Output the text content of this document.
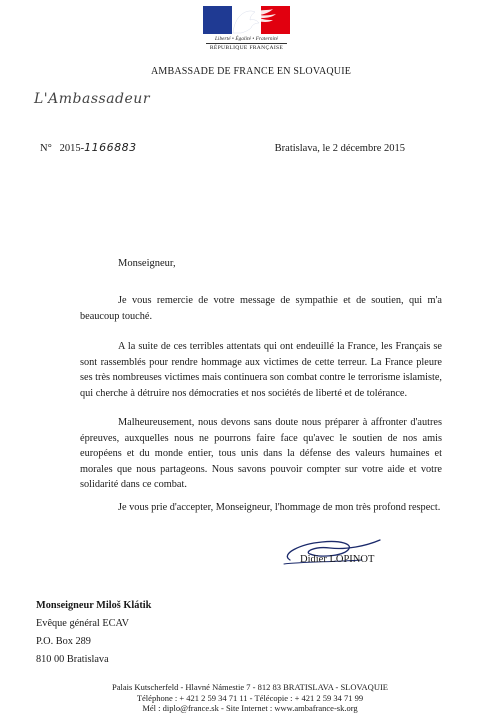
Liberté • Égalité • Fraternité
RÉPUBLIQUE FRANÇAISE
AMBASSADE DE FRANCE EN SLOVAQUIE
L'Ambassadeur
N° 2015-1166883	Bratislava, le 2 décembre 2015
Monseigneur,

Je vous remercie de votre message de sympathie et de soutien, qui m'a beaucoup touché.

A la suite de ces terribles attentats qui ont endeuillé la France, les Français se sont rassemblés pour rendre hommage aux victimes de cette terreur. La France pleure ses très nombreuses victimes mais continuera son combat contre le terrorisme islamiste, qui cherche à détruire nos démocraties et nos sociétés de liberté et de tolérance.

Malheureusement, nous devons sans doute nous préparer à affronter d'autres épreuves, auxquelles nous ne pourrons faire face qu'avec le soutien de nos amis européens et du monde entier, tous unis dans la défense des valeurs humaines et morales que nous partageons. Nous savons pouvoir compter sur votre aide et votre solidarité dans ce combat.

Je vous prie d'accepter, Monseigneur, l'hommage de mon très profond respect.

Didier LOPINOT
Monseigneur Miloš Klátik
Evêque général ECAV
P.O. Box 289
810 00 Bratislava
Palais Kutscherfeld - Hlavné Námestie 7 - 812 83 BRATISLAVA - SLOVAQUIE
Téléphone : + 421 2 59 34 71 11 - Télécopie : + 421 2 59 34 71 99
Mél : diplo@france.sk - Site Internet : www.ambafrance-sk.org
